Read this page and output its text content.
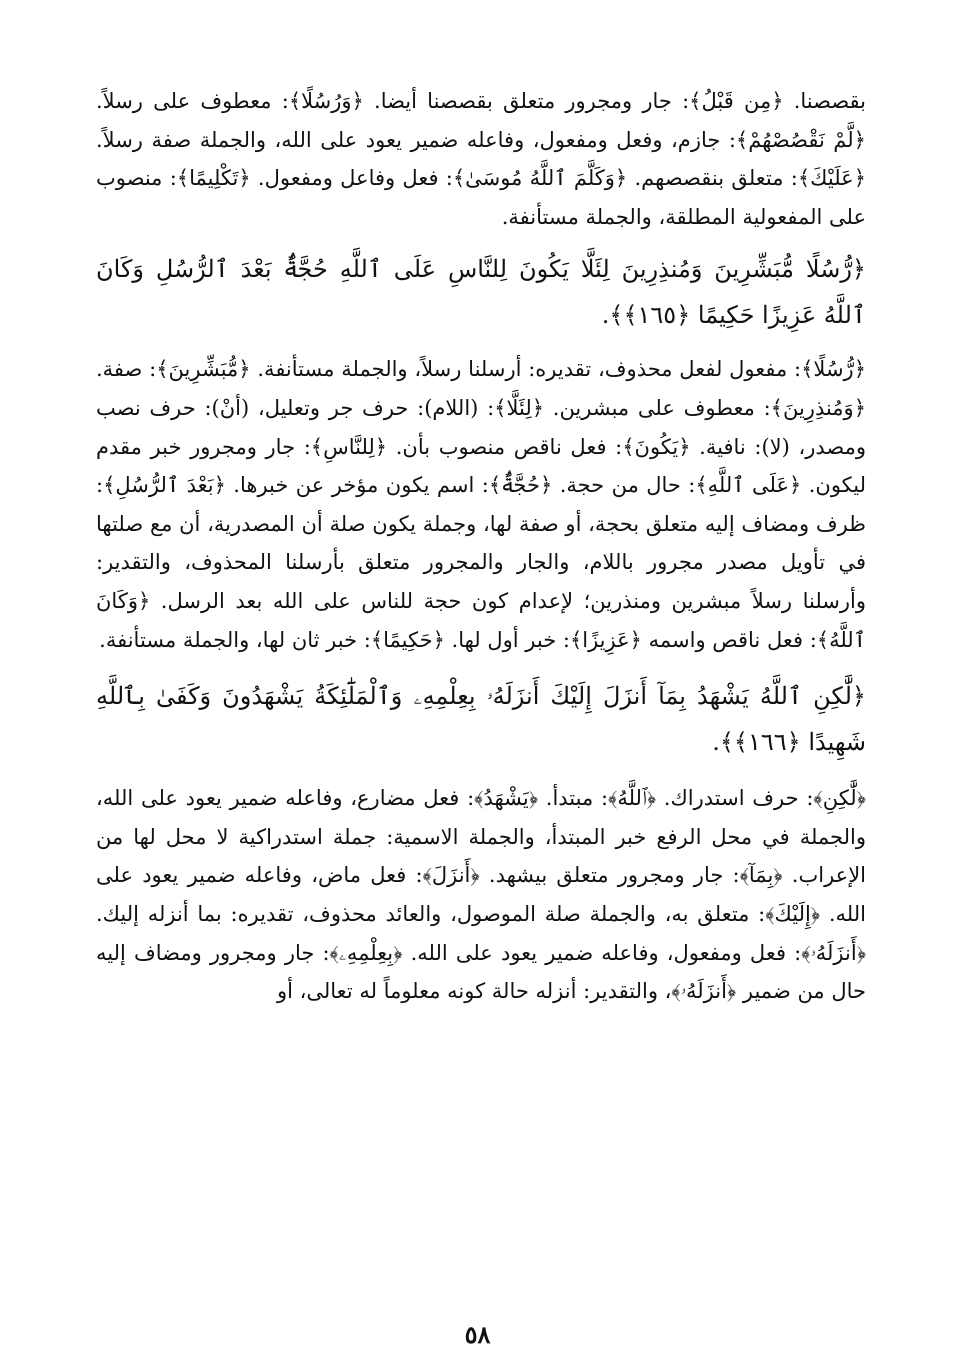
بقصصنا. ﴿مِن قَبْلُ﴾: جار ومجرور متعلق بقصصنا أيضا. ﴿وَرُسُلًا﴾: معطوف على رسلاً. ﴿لَّمْ نَقْصُصْهُمْ﴾: جازم، وفعل ومفعول، وفاعله ضمير يعود على الله، والجملة صفة رسلاً. ﴿عَلَيْكَ﴾: متعلق بنقصصهم. ﴿وَكَلَّمَ ٱللَّهُ مُوسَىٰ﴾: فعل وفاعل ومفعول. ﴿تَكْلِيمًا﴾: منصوب على المفعولية المطلقة، والجملة مستأنفة.

﴿رُّسُلًا مُّبَشِّرِينَ وَمُنذِرِينَ لِئَلَّا يَكُونَ لِلنَّاسِ عَلَى ٱللَّهِ حُجَّةٌۢ بَعْدَ ٱلرُّسُلِ وَكَانَ ٱللَّهُ عَزِيزًا حَكِيمًا ﴿١٦٥﴾﴾.

﴿رُّسُلًا﴾: مفعول لفعل محذوف، تقديره: أرسلنا رسلاً، والجملة مستأنفة. ﴿مُّبَشِّرِينَ﴾: صفة. ﴿وَمُنذِرِينَ﴾: معطوف على مبشرين. ﴿لِئَلَّا﴾: (اللام): حرف جر وتعليل، (أنْ): حرف نصب ومصدر، (لا): نافية. ﴿يَكُونَ﴾: فعل ناقص منصوب بأن. ﴿لِلنَّاسِ﴾: جار ومجرور خبر مقدم ليكون. ﴿عَلَى ٱللَّهِ﴾: حال من حجة. ﴿حُجَّةٌۢ﴾: اسم يكون مؤخر عن خبرها. ﴿بَعْدَ ٱلرُّسُلِ﴾: ظرف ومضاف إليه متعلق بحجة، أو صفة لها، وجملة يكون صلة أن المصدرية، أن مع صلتها في تأويل مصدر مجرور باللام، والجار والمجرور متعلق بأرسلنا المحذوف، والتقدير: وأرسلنا رسلاً مبشرين ومنذرين؛ لإعدام كون حجة للناس على الله بعد الرسل. ﴿وَكَانَ ٱللَّهُ﴾: فعل ناقص واسمه ﴿عَزِيزًا﴾: خبر أول لها. ﴿حَكِيمًا﴾: خبر ثان لها، والجملة مستأنفة.

﴿لَّٰكِنِ ٱللَّهُ يَشْهَدُ بِمَآ أَنزَلَ إِلَيْكَ أَنزَلَهُۥ بِعِلْمِهِۦ وَٱلْمَلَٰٓئِكَةُ يَشْهَدُونَ وَكَفَىٰ بِٱللَّهِ شَهِيدًا ﴿١٦٦﴾﴾.

﴿لَّٰكِنِ﴾: حرف استدراك. ﴿ٱللَّهُ﴾: مبتدأ. ﴿يَشْهَدُ﴾: فعل مضارع، وفاعله ضمير يعود على الله، والجملة في محل الرفع خبر المبتدأ، والجملة الاسمية: جملة استدراكية لا محل لها من الإعراب. ﴿بِمَآ﴾: جار ومجرور متعلق بيشهد. ﴿أَنزَلَ﴾: فعل ماض، وفاعله ضمير يعود على الله. ﴿إِلَيْكَ﴾: متعلق به، والجملة صلة الموصول، والعائد محذوف، تقديره: بما أنزله إليك. ﴿أَنزَلَهُۥ﴾: فعل ومفعول، وفاعله ضمير يعود على الله. ﴿بِعِلْمِهِۦ﴾: جار ومجرور ومضاف إليه حال من ضمير ﴿أَنزَلَهُۥ﴾، والتقدير: أنزله حالة كونه معلوماً له تعالى، أو

٥٨
